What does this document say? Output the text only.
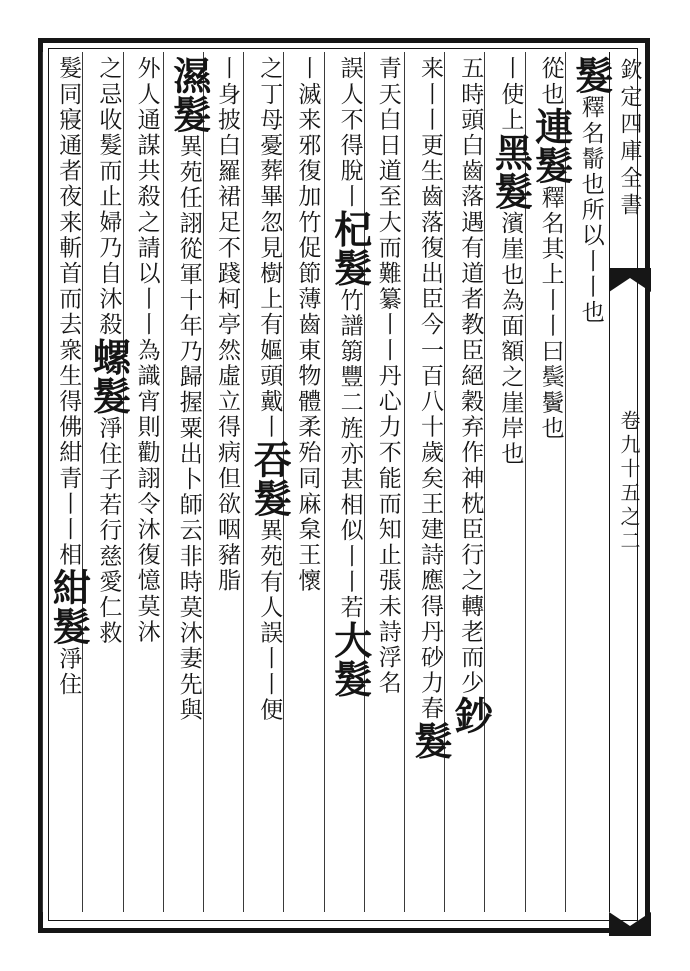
欽定四庫全書
卷九十五之二
髮釋名鬋也所以丨丨也
從也連髮釋名其上丨丨曰鬓鬢也
丨使上黑髮濱崖也為面額之崖岸也
五時頭白齒落遇有道者教臣絕穀弃作神枕臣行之轉老而少鈔
来丨丨更生齒落復出臣今一百八十歲矣王建詩應得丹砂力春髮
青天白日道至大而難纂丨丨丹心力不能而知止張未詩浮名
誤人不得脫丨杞髮竹譜篛豐二旌亦甚相似丨丨若大髮
丨滅来邪復加竹促節薄齒東物體柔殆同麻枲王懷
之丁母憂葬畢忽見樹上有嫗頭戴丨吞髮異苑有人誤丨丨便
丨身披白羅裙足不踐柯亭然虛立得病但欲咽豬脂
濕髮異苑任詡從軍十年乃歸握粟出卜師云非時莫沐妻先與
外人通謀共殺之請以丨丨為識宵則勸詡令沐復憶莫沐
之忌收髮而止婦乃自沐殺螺髮淨住子若行慈愛仁救
髮同寢通者夜来斬首而去衆生得佛紺青丨丨相紺髮淨住
